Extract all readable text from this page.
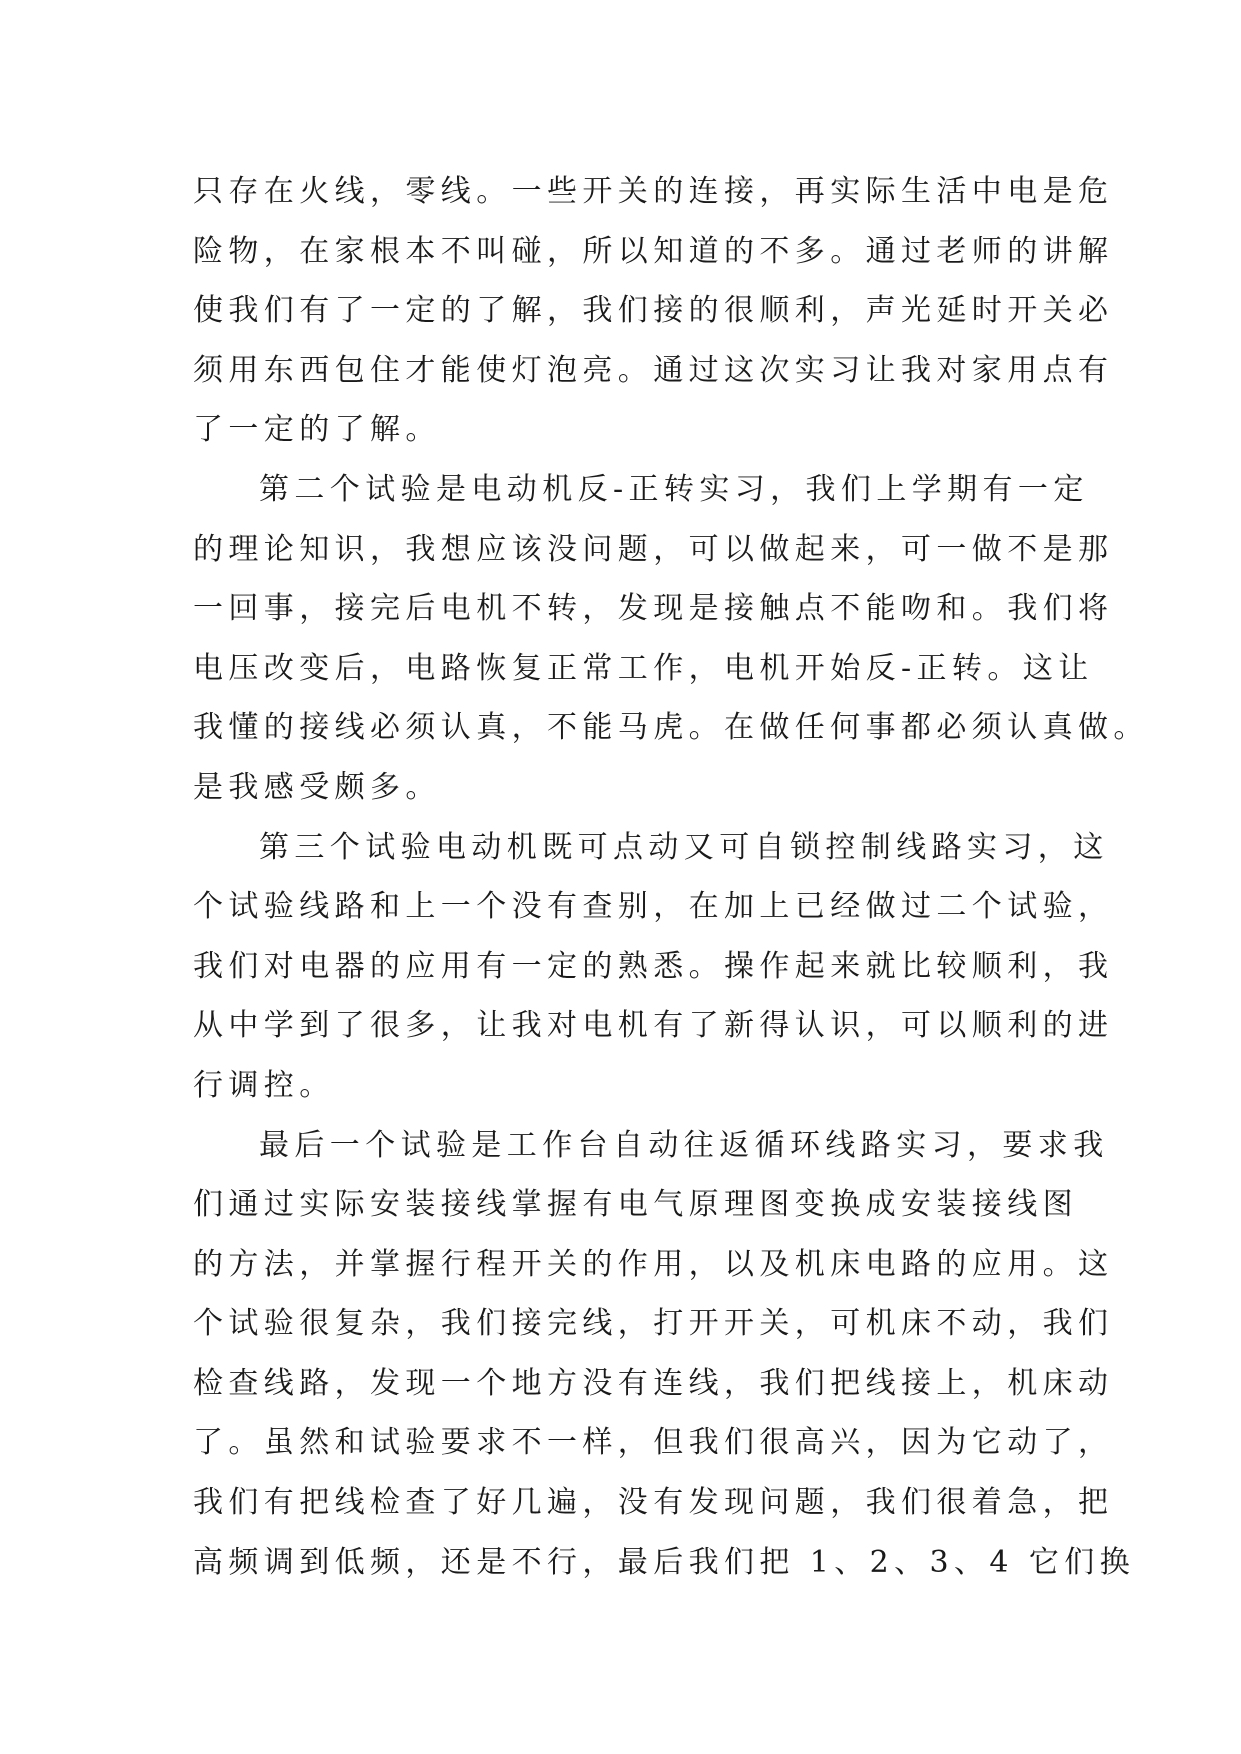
只存在火线，零线。一些开关的连接，再实际生活中电是危
险物，在家根本不叫碰，所以知道的不多。通过老师的讲解
使我们有了一定的了解，我们接的很顺利，声光延时开关必
须用东西包住才能使灯泡亮。通过这次实习让我对家用点有
了一定的了解。
第二个试验是电动机反-正转实习，我们上学期有一定
的理论知识，我想应该没问题，可以做起来，可一做不是那
一回事，接完后电机不转，发现是接触点不能吻和。我们将
电压改变后，电路恢复正常工作，电机开始反-正转。这让
我懂的接线必须认真，不能马虎。在做任何事都必须认真做。
是我感受颇多。
第三个试验电动机既可点动又可自锁控制线路实习，这
个试验线路和上一个没有查别，在加上已经做过二个试验，
我们对电器的应用有一定的熟悉。操作起来就比较顺利，我
从中学到了很多，让我对电机有了新得认识，可以顺利的进
行调控。
最后一个试验是工作台自动往返循环线路实习，要求我
们通过实际安装接线掌握有电气原理图变换成安装接线图
的方法，并掌握行程开关的作用，以及机床电路的应用。这
个试验很复杂，我们接完线，打开开关，可机床不动，我们
检查线路，发现一个地方没有连线，我们把线接上，机床动
了。虽然和试验要求不一样，但我们很高兴，因为它动了，
我们有把线检查了好几遍，没有发现问题，我们很着急，把
高频调到低频，还是不行，最后我们把 1、2、3、4 它们换
